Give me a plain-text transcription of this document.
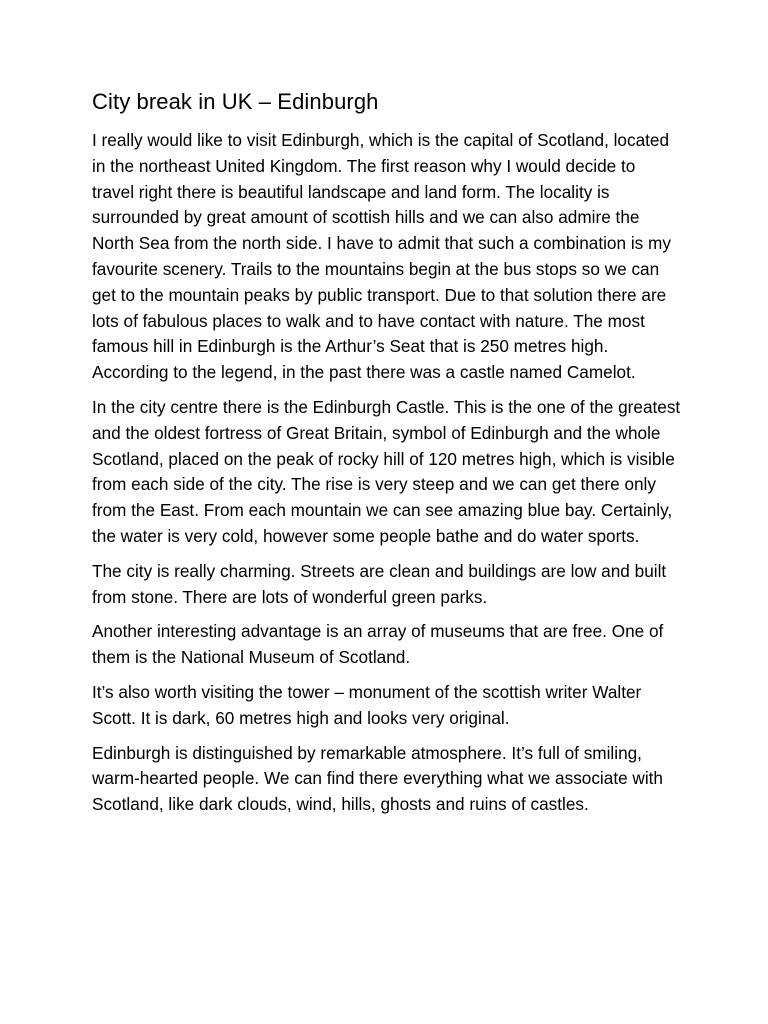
City break in UK – Edinburgh

I really would like to visit Edinburgh, which is the capital of Scotland, located in the northeast United Kingdom. The first reason why I would decide to travel right there is beautiful landscape and land form. The locality is surrounded by great amount of scottish hills and we can also admire the North Sea from the north side. I have to admit that such a combination is my favourite scenery. Trails to the mountains begin at the bus stops so we can get to the mountain peaks by public transport. Due to that solution there are lots of fabulous places to walk and to have contact with nature. The most famous hill in Edinburgh is the Arthur’s Seat that is 250 metres high. According to the legend, in the past there was a castle named Camelot.

In the city centre there is the Edinburgh Castle. This is the one of the greatest and the oldest fortress of Great Britain, symbol of Edinburgh and the whole Scotland, placed on the peak of rocky hill of 120 metres high, which is visible from each side of the city. The rise is very steep and we can get there only from the East. From each mountain we can see amazing blue bay. Certainly, the water is very cold, however some people bathe and do water sports.

The city is really charming. Streets are clean and buildings are low and built from stone. There are lots of wonderful green parks.

Another interesting advantage is an array of museums that are free. One of them is the National Museum of Scotland.

It’s also worth visiting the tower – monument of the scottish writer Walter Scott. It is dark, 60 metres high and looks very original.

Edinburgh is distinguished by remarkable atmosphere. It’s full of smiling, warm-hearted people. We can find there everything what we associate with Scotland, like dark clouds, wind, hills, ghosts and ruins of castles.
